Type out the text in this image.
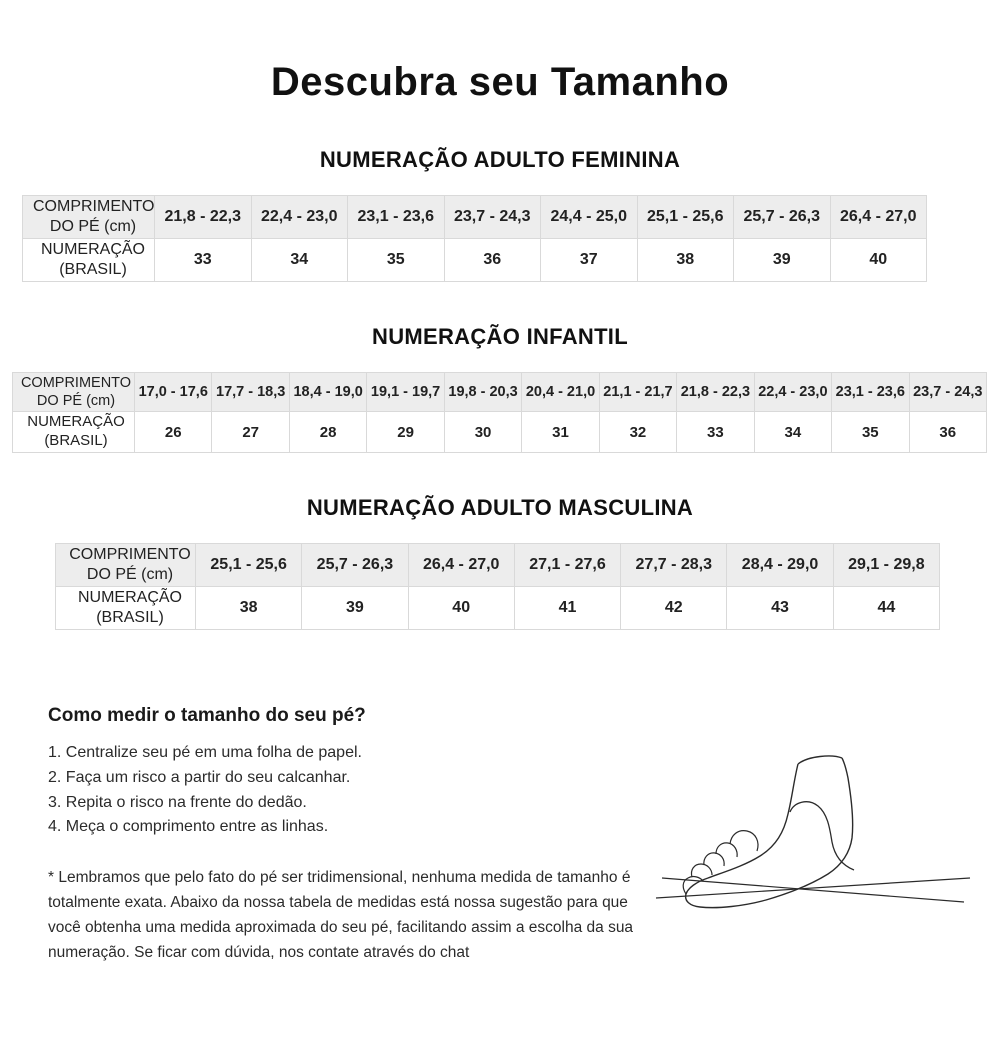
Descubra seu Tamanho
NUMERAÇÃO ADULTO FEMININA
COMPRIMENTO
DO PÉ (cm)	21,8 - 22,3	22,4 - 23,0	23,1 - 23,6	23,7 - 24,3	24,4 - 25,0	25,1 - 25,6	25,7 - 26,3	26,4 - 27,0

NUMERAÇÃO
(BRASIL)	33	34	35	36	37	38	39	40
NUMERAÇÃO INFANTIL
COMPRIMENTO
DO PÉ (cm)	17,0 - 17,6	17,7 - 18,3	18,4 - 19,0	19,1 - 19,7	19,8 - 20,3	20,4 - 21,0	21,1 - 21,7	21,8 - 22,3	22,4 - 23,0	23,1 - 23,6	23,7 - 24,3

NUMERAÇÃO
(BRASIL)	26	27	28	29	30	31	32	33	34	35	36
NUMERAÇÃO ADULTO MASCULINA
COMPRIMENTO
DO PÉ (cm)	25,1 - 25,6	25,7 - 26,3	26,4 - 27,0	27,1 - 27,6	27,7 - 28,3	28,4 - 29,0	29,1 - 29,8

NUMERAÇÃO
(BRASIL)	38	39	40	41	42	43	44
Como medir o tamanho do seu pé?
1. Centralize seu pé em uma folha de papel.
2. Faça um risco a partir do seu calcanhar.
3. Repita o risco na frente do dedão.
4. Meça o comprimento entre as linhas.
* Lembramos que pelo fato do pé ser tridimensional, nenhuma medida de tamanho é totalmente exata. Abaixo da nossa tabela de medidas está nossa sugestão para que você obtenha uma medida aproximada do seu pé, facilitando assim a escolha da sua numeração. Se ficar com dúvida, nos contate através do chat
